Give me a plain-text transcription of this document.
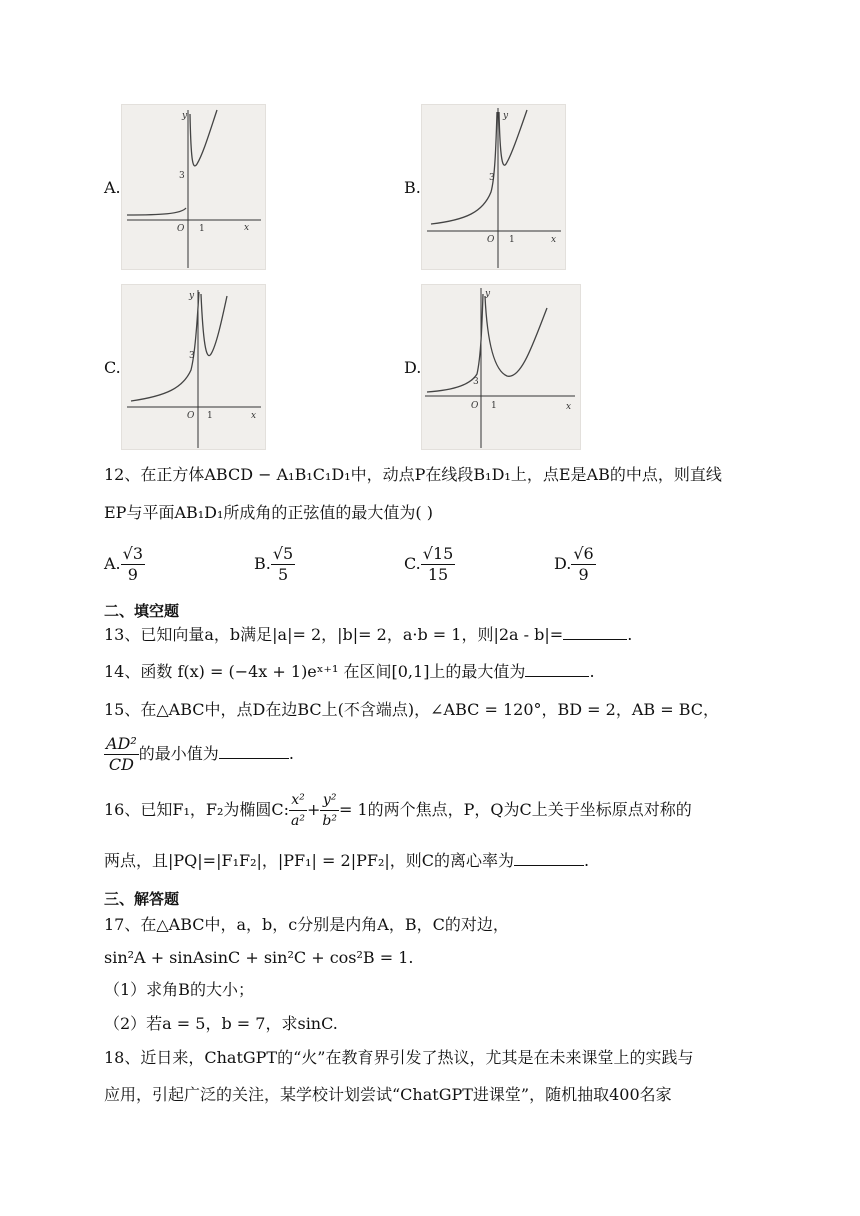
A.
y
x
O 1
3
B.
y
x
O 1
3
C.
y
x
O 1
3
D.
y
x
O 1
3
12、在正方体ABCD − A₁B₁C₁D₁中，动点P在线段B₁D₁上，点E是AB的中点，则直线
EP与平面AB₁D₁所成角的正弦值的最大值为( )
A. $\frac{√3}{9}$	B. $\frac{√5}{5}$	C. $\frac{√15}{15}$	D. $\frac{√6}{9}$
二、填空题
13、已知向量a，b满足|a|= 2，|b|= 2，a·b = 1，则|2a - b|=	.
14、函数 f(x) = (−4x + 1)eˣ⁺¹ 在区间[0,1]上的最大值为	.
15、在△ABC中，点D在边BC上(不含端点)，∠ABC = 120°，BD = 2，AB = BC，
$\frac{\text{AD²}}{CD}$ 的最小值为	.
16、已知F₁，F₂为椭圆C: $\frac{\text{x²}}{\text{a²}} + \frac{\text{y²}}{\text{b²}} = 1$的两个焦点，P，Q为C上关于坐标原点对称的
两点，且|PQ|=|F₁F₂|，|PF₁| = 2|PF₂|，则C的离心率为	.
三、解答题
17、在△ABC中，a，b，c分别是内角A，B，C的对边，
sin²A + sinAsinC + sin²C + cos²B = 1.
（1）求角B的大小；
（2）若a = 5，b = 7，求sinC.
18、近日来，ChatGPT的“火”在教育界引发了热议，尤其是在未来课堂上的实践与
应用，引起广泛的关注，某学校计划尝试“ChatGPT进课堂”，随机抽取400名家
